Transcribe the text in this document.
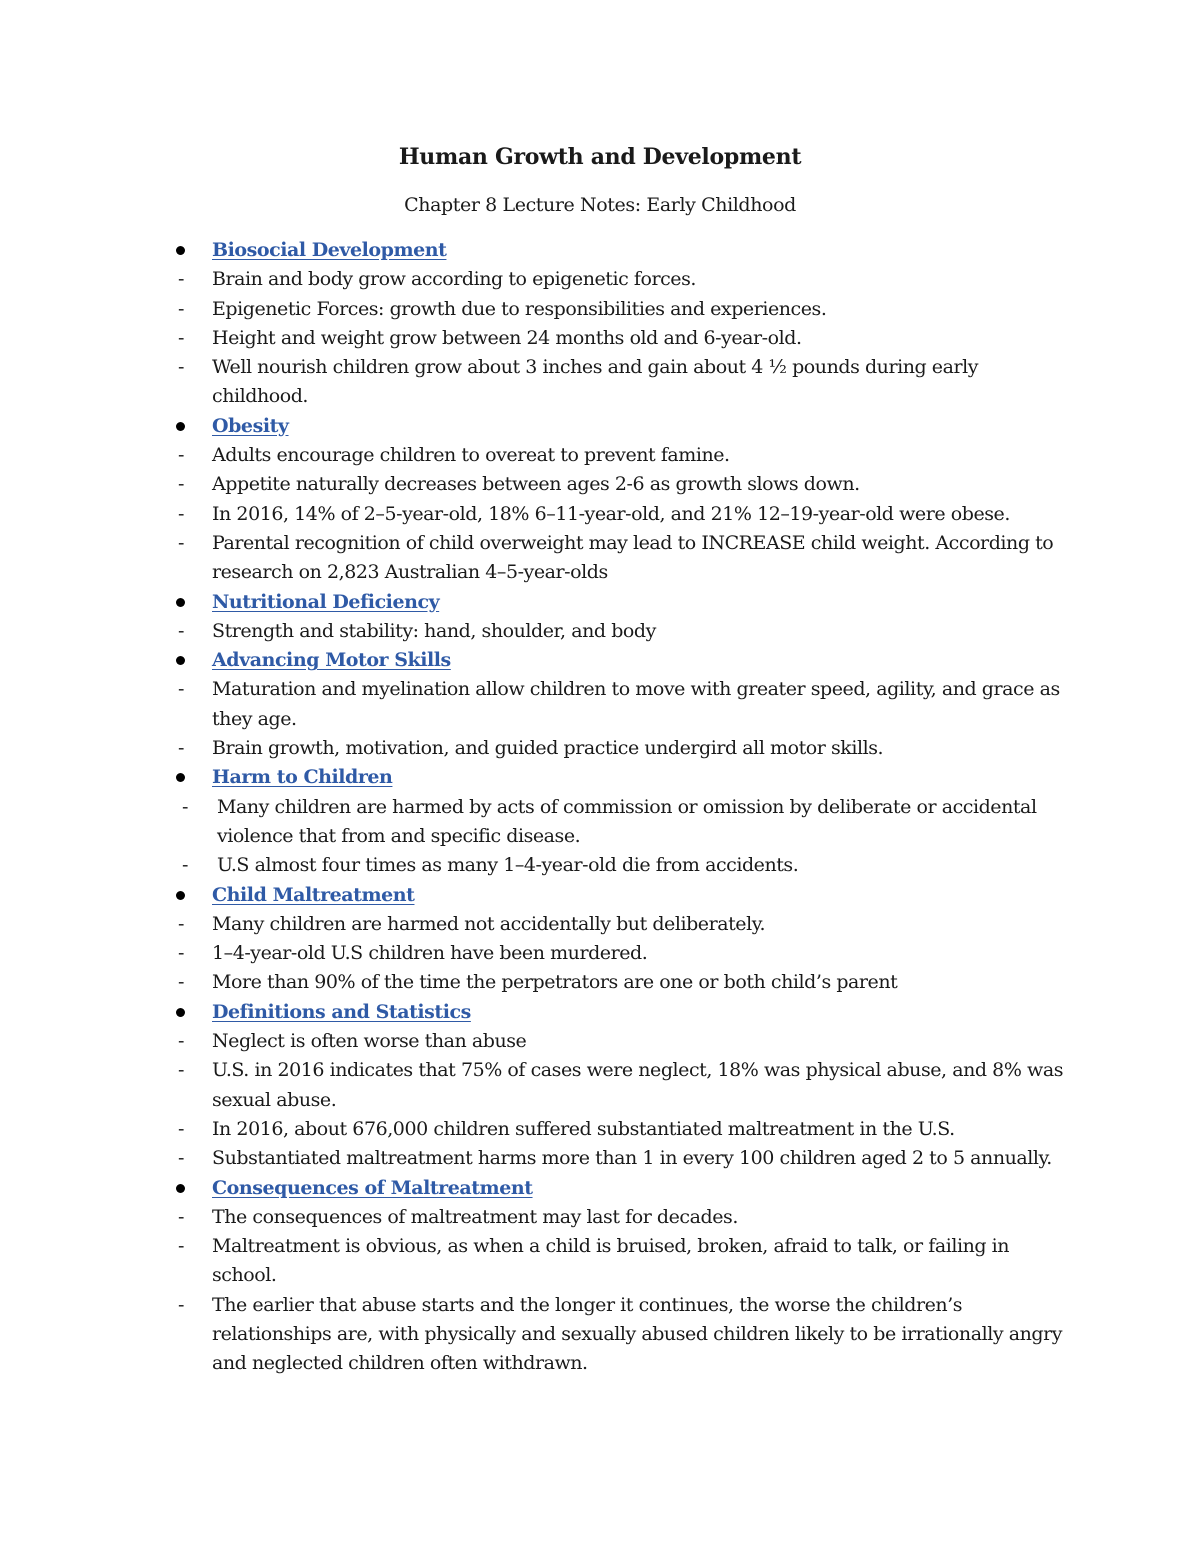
Human Growth and Development
Chapter 8 Lecture Notes: Early Childhood
Biosocial Development
- Brain and body grow according to epigenetic forces.
- Epigenetic Forces: growth due to responsibilities and experiences.
- Height and weight grow between 24 months old and 6-year-old.
- Well nourish children grow about 3 inches and gain about 4 ½ pounds during early childhood.
Obesity
- Adults encourage children to overeat to prevent famine.
- Appetite naturally decreases between ages 2-6 as growth slows down.
- In 2016, 14% of 2–5-year-old, 18% 6–11-year-old, and 21% 12–19-year-old were obese.
- Parental recognition of child overweight may lead to INCREASE child weight. According to research on 2,823 Australian 4–5-year-olds
Nutritional Deficiency
- Strength and stability: hand, shoulder, and body
Advancing Motor Skills
- Maturation and myelination allow children to move with greater speed, agility, and grace as they age.
- Brain growth, motivation, and guided practice undergird all motor skills.
Harm to Children
- Many children are harmed by acts of commission or omission by deliberate or accidental violence that from and specific disease.
- U.S almost four times as many 1–4-year-old die from accidents.
Child Maltreatment
- Many children are harmed not accidentally but deliberately.
- 1–4-year-old U.S children have been murdered.
- More than 90% of the time the perpetrators are one or both child’s parent
Definitions and Statistics
- Neglect is often worse than abuse
- U.S. in 2016 indicates that 75% of cases were neglect, 18% was physical abuse, and 8% was sexual abuse.
- In 2016, about 676,000 children suffered substantiated maltreatment in the U.S.
- Substantiated maltreatment harms more than 1 in every 100 children aged 2 to 5 annually.
Consequences of Maltreatment
- The consequences of maltreatment may last for decades.
- Maltreatment is obvious, as when a child is bruised, broken, afraid to talk, or failing in school.
- The earlier that abuse starts and the longer it continues, the worse the children’s relationships are, with physically and sexually abused children likely to be irrationally angry and neglected children often withdrawn.
